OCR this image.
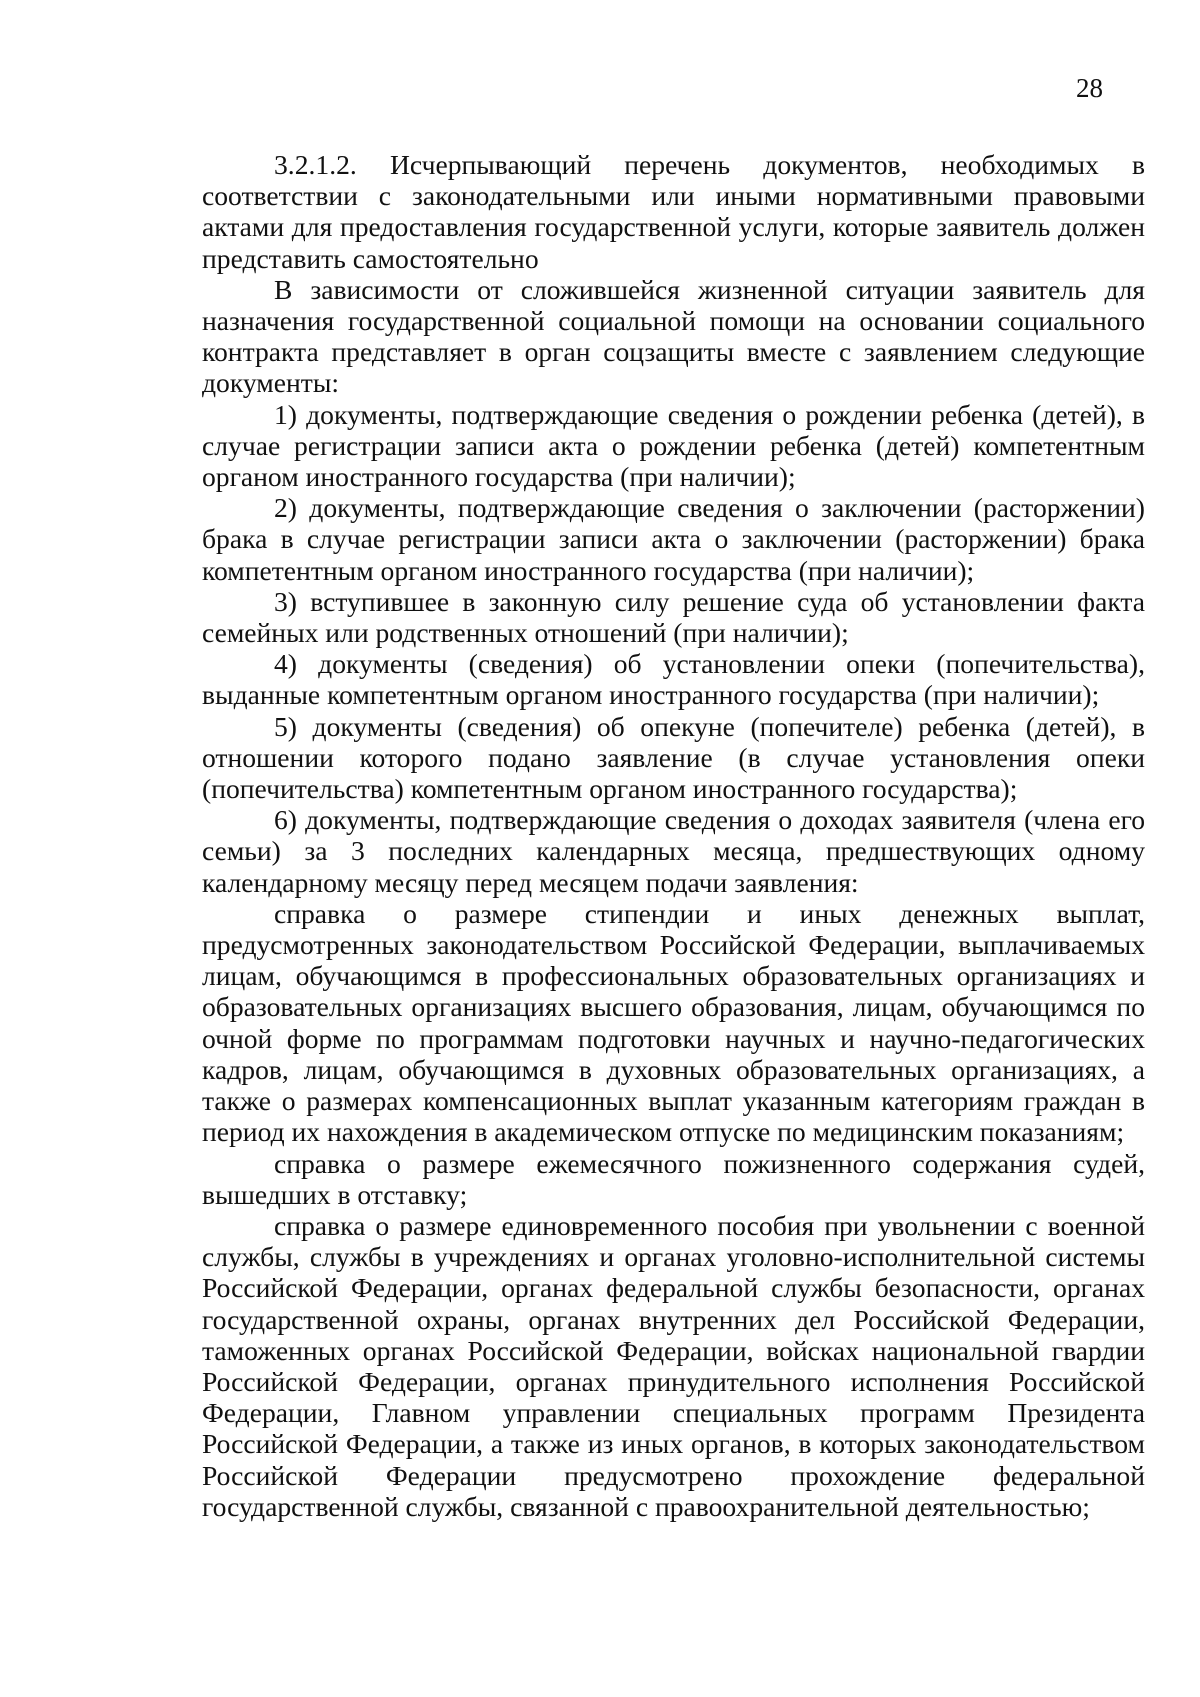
28

3.2.1.2. Исчерпывающий перечень документов, необходимых в соответствии с законодательными или иными нормативными правовыми актами для предоставления государственной услуги, которые заявитель должен представить самостоятельно

В зависимости от сложившейся жизненной ситуации заявитель для назначения государственной социальной помощи на основании социального контракта представляет в орган соцзащиты вместе с заявлением следующие документы:

1) документы, подтверждающие сведения о рождении ребенка (детей), в случае регистрации записи акта о рождении ребенка (детей) компетентным органом иностранного государства (при наличии);

2) документы, подтверждающие сведения о заключении (расторжении) брака в случае регистрации записи акта о заключении (расторжении) брака компетентным органом иностранного государства (при наличии);

3) вступившее в законную силу решение суда об установлении факта семейных или родственных отношений (при наличии);

4) документы (сведения) об установлении опеки (попечительства), выданные компетентным органом иностранного государства (при наличии);

5) документы (сведения) об опекуне (попечителе) ребенка (детей), в отношении которого подано заявление (в случае установления опеки (попечительства) компетентным органом иностранного государства);

6) документы, подтверждающие сведения о доходах заявителя (члена его семьи) за 3 последних календарных месяца, предшествующих одному календарному месяцу перед месяцем подачи заявления:

справка о размере стипендии и иных денежных выплат, предусмотренных законодательством Российской Федерации, выплачиваемых лицам, обучающимся в профессиональных образовательных организациях и образовательных организациях высшего образования, лицам, обучающимся по очной форме по программам подготовки научных и научно-педагогических кадров, лицам, обучающимся в духовных образовательных организациях, а также о размерах компенсационных выплат указанным категориям граждан в период их нахождения в академическом отпуске по медицинским показаниям;

справка о размере ежемесячного пожизненного содержания судей, вышедших в отставку;

справка о размере единовременного пособия при увольнении с военной службы, службы в учреждениях и органах уголовно-исполнительной системы Российской Федерации, органах федеральной службы безопасности, органах государственной охраны, органах внутренних дел Российской Федерации, таможенных органах Российской Федерации, войсках национальной гвардии Российской Федерации, органах принудительного исполнения Российской Федерации, Главном управлении специальных программ Президента Российской Федерации, а также из иных органов, в которых законодательством Российской Федерации предусмотрено прохождение федеральной государственной службы, связанной с правоохранительной деятельностью;
